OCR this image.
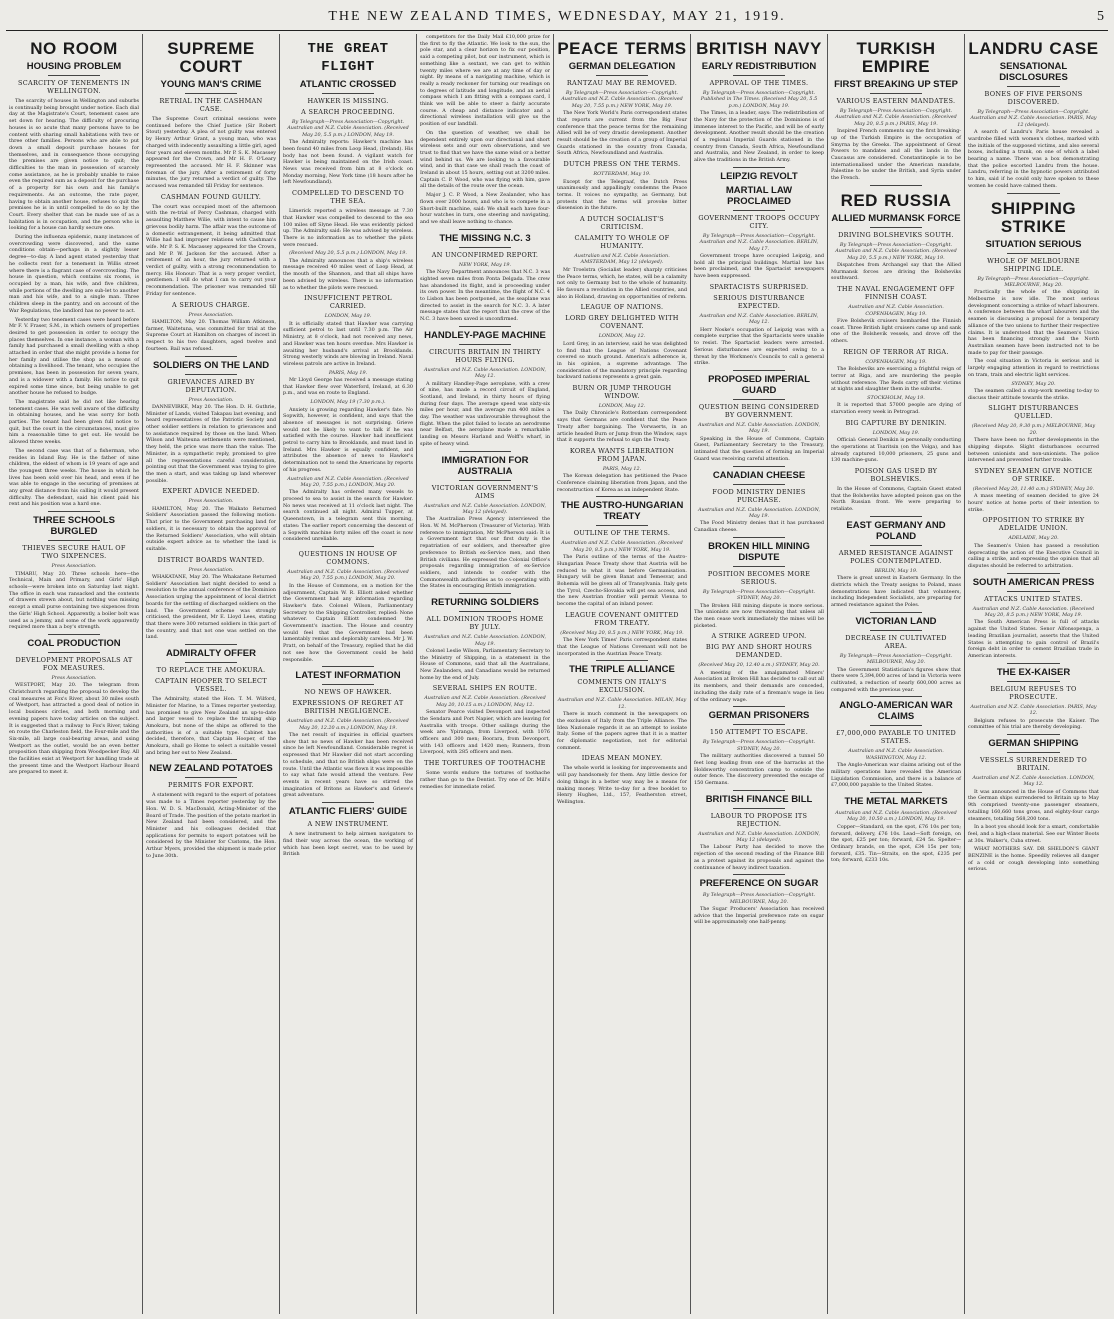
THE NEW ZEALAND TIMES, WEDNESDAY, MAY 21, 1919.	5
NO ROOM
HOUSING PROBLEM
SCARCITY OF TENEMENTS IN WELLINGTON.

The scarcity of houses in Wellington and suburbs is continually being brought under notice. Each dial day at the Magistrate's Court, tenement cases are set down for hearing. The difficulty of procuring houses is so acute that many persons have to be content with sharing small habitations with two or three other families. Persons who are able to put down a small deposit purchase houses for themselves, and in consequence those occupying the premises are given notice to quit; the difficulties to the man in possession of scarcely come assistance, as he is probably unable to raise even the required sum as a deposit for the purchase of a property for his own and his family's requirements. As an outcome, the rate payer, having to obtain another house, refuses to quit the premises he is in until compelled to do so by the Court. Every shelter that can be made use of as a habitation is in occupation, and the person who is looking for a house can hardly secure one.

During the influenza epidemic, many instances of overcrowding were discovered, and the same conditions obtain—perhaps in a slightly lesser degree—to-day. A land agent stated yesterday that he collects rent for a tenement in Willis street where there is a flagrant case of overcrowding. The house in question, which contains six rooms, is occupied by a man, his wife, and five children, while portions of the dwelling are sub-let to another man and his wife, and to a single man. Three children sleep in the pantry, and on account of the War Regulations, the landlord has no power to act.

Yesterday two tenement cases were heard before Mr F. V. Fraser, S.M., in which owners of properties desired to get possession in order to occupy the places themselves. In one instance, a woman with a family had purchased a small dwelling with a shop attached in order that she might provide a home for her family and utilise the shop as a means of obtaining a livelihood. The tenant, who occupies the premises, has been in possession for seven years, and is a widower with a family. His notice to quit expired some time since, but being unable to get another house he refused to budge.

The magistrate said he did not like hearing tenement cases. He was well aware of the difficulty in obtaining houses, and he was sorry for both parties. The tenant had been given full notice to quit, but the court in the circumstances, must give him a reasonable time to get out. He would be allowed three weeks.

The second case was that of a fisherman, who resides in Island Bay. He is the father of nine children, the eldest of whom is 19 years of age and the youngest three weeks. The house in which he lives has been sold over his head, and even if he was able to engage in the securing of premises at any great distance from his calling it would present difficulty. The defendant, said his client paid his rent and his position was a hard one.

THREE SCHOOLS BURGLED
THIEVES SECURE HAUL OF TWO SIXPENCES.
Press Association.

TIMARU, May 20. Three schools here—the Technical, Main and Primary, and Girls' High schools—were broken into on Saturday last night. The office in each was ransacked and the contents of drawers strewn about, but nothing was missing except a small purse containing two sixpences from the Girls' High School. Apparently, a boiler bolt was used as a jemmy, and some of the work apparently required more than a boy's strength.

COAL PRODUCTION
DEVELOPMENT PROPOSALS AT FOX MEASURES.
Press Association.

WESTPORT, May 20. The telegram from Christchurch regarding the proposal to develop the coal measures at Fox's River, about 30 miles south of Westport, has attracted a good deal of notice in local business circles, and both morning and evening papers have today articles on the subject. It is suggested that a railway to Fox's River, taking en route the Charleston field, the Four-mile and the Six-mile, all large coal-bearing areas, and using Westport as the outlet, would be an even better proposition than shipping from Woodpecker Bay. All the facilities exist at Westport for handling trade at the present time and the Westport Harbour Board are prepared to meet it.

SUPREME COURT
YOUNG MAN'S CRIME
RETRIAL IN THE CASHMAN CASE.

The Supreme Court criminal sessions were continued before the Chief Justice (Sir Robert Stout) yesterday. A plea of not guilty was entered by Henry Arthur Grant, a young man, who was charged with indecently assaulting a little girl, aged four years and eleven months. Mr P. S. K. Macassey appeared for the Crown, and Mr H. F. O'Leary represented the accused. Mr H. F. Skinner was foreman of the jury. After a retirement of forty minutes, the jury returned a verdict of guilty. The accused was remanded till Friday for sentence.

CASHMAN FOUND GUILTY.

The court was occupied most of the afternoon with the re-trial of Percy Cashman, charged with assaulting Matthew Wilie, with intent to cause him grievous bodily harm. The affair was the outcome of a domestic estrangement, it being admitted that Willie had had improper relations with Cashman's wife. Mr P. S. K. Macassey appeared for the Crown, and Mr P. W. Jackson for the accused. After a retirement of an hour, the jury returned with a verdict of guilty, with a strong recommendation to mercy. His Honour: That is a very proper verdict, gentlemen. I will do what I can to carry out your recommendation. The prisoner was remanded till Friday for sentence.

A SERIOUS CHARGE.
Press Association.

HAMILTON, May 20. Thomas William Atkinson, farmer, Waitetuna, was committed for trial at the Supreme Court at Hamilton on charges of incest in respect to his two daughters, aged twelve and fourteen. Bail was refused.

SOLDIERS ON THE LAND
GRIEVANCES AIRED BY DEPUTATION.
Press Association.

DANNEVIRKE, May 20. The Hon. D. H. Guthrie, Minister of Lands, visited Takapau last evening, and heard representatives of the Patriotic Society and other soldier settlers in relation to grievances and to assistance required by those on the land. When Wilson and Waiteuna settlements were mentioned, they held, the price was more than the value. The Minister, in a sympathetic reply, promised to give all the representations careful consideration, pointing out that the Government was trying to give the men a start, and was taking up land wherever possible.

EXPERT ADVICE NEEDED.
Press Association.

HAMILTON, May 20. The Waikato Returned Soldiers' Association passed the following motion: That prior to the Government purchasing land for soldiers, it is necessary to obtain the approval of the Returned Soldiers' Association, who will obtain outside expert advice as to whether the land is suitable.

DISTRICT BOARDS WANTED.
Press Association.

WHAKATANE, May 20. The Whakatane Returned Soldiers' Association last night decided to send a resolution to the annual conference of the Dominion Association urging the appointment of local district boards for the settling of discharged soldiers on the land. The Government scheme was strongly criticised, the president, Mr E. Lloyd Lees, stating that there were 300 returned soldiers in this part of the country, and that not one was settled on the land.

ADMIRALTY OFFER
TO REPLACE THE AMOKURA.
CAPTAIN HOOPER TO SELECT VESSEL.

The Admiralty, stated the Hon. T. M. Wilford, Minister for Marine, to a Times reporter yesterday, has promised to give New Zealand an up-to-date and larger vessel to replace the training ship Amokura, but none of the ships as offered to the authorities is of a suitable type. Cabinet has decided, therefore, that Captain Hooper, of the Amokura, shall go Home to select a suitable vessel and bring her out to New Zealand.

NEW ZEALAND POTATOES
PERMITS FOR EXPORT.

A statement with regard to the export of potatoes was made to a Times reporter yesterday by the Hon. W. D. S. MacDonald, Acting-Minister of the Board of Trade. The position of the potato market in New Zealand had been considered, and the Minister and his colleagues decided that applications for permits to export potatoes will be considered by the Minister for Customs, the Hon. Arthur Myers, provided the shipment is made prior to June 30th.

THE GREAT FLIGHT
ATLANTIC CROSSED
HAWKER IS MISSING.
A SEARCH PROCEEDING.
By Telegraph—Press Association—Copyright. Australian and N.Z. Cable Association. (Received May 20, 5.5 p.m.) LONDON, May 19.

The Admiralty reports: Hawker's machine has been found 40 miles from Loop Head, (Ireland). His body has not been found. A vigilant watch for Hawker is being maintained on the Irish coast. News was received from him at 8 o'clock on Monday morning, New York time (18 hours after he left Newfoundland).

COMPELLED TO DESCEND TO THE SEA.

Limerick reported a wireless message at 7.30 that Hawker was compelled to descend to the sea 100 miles off Slyne Head. He was evidently picked up. The Admiralty said: He was advised by wireless. There is no information as to whether the pilots were rescued.

(Received May 20, 5.5 p.m.) LONDON, May 19.

The Admiralty announces that a ship's wireless message received 40 miles west of Loop Head, at the mouth of the Shannon, and that all ships have been advised by wireless. There is no information as to whether the pilots were rescued.

INSUFFICIENT PETROL CARRIED.
LONDON, May 19.

It is officially stated that Hawker was carrying sufficient petrol to last until 7.30 p.m. The Air Ministry, at 8 o'clock, had not received any news, and Hawker was ten hours overdue. Mrs Hawker is awaiting her husband's arrival at Brooklands. Strong westerly winds are blowing in Ireland. Naval wireless patrols are active in Ireland.

PARIS, May 19.

Mr Lloyd George has received a message stating that Hawker flew over Waterford, Ireland, at 6.30 p.m., and was en route to England.

LONDON, May 19 (7.30 p.m.).

Anxiety is growing regarding Hawker's fate. No Sopwith, however, is confident, and says that the absence of messages is not surprising. Grieve would not be likely to want to talk if he was satisfied with the course. Hawker had insufficient petrol to carry him to Brooklands, and must land in Ireland. Mrs Hawker is equally confident, and attributes the absence of news to Hawker's determination not to send the Americans by reports of his progress.

Australian and N.Z. Cable Association. (Received May 20, 7.55 p.m.) LONDON, May 20.

The Admiralty has ordered many vessels to proceed to sea to assist in the search for Hawker. No news was received at 11 o'clock last night. The search continued all night. Admiral Tupper, at Queenstown, in a telegram sent this morning, states: The earlier report concerning the descent of a Sopwith machine forty miles off the coast is now considered unreliable.

QUESTIONS IN HOUSE OF COMMONS.
Australian and N.Z. Cable Association. (Received May 20, 7.55 p.m.) LONDON, May 20.

In the House of Commons, on a motion for the adjournment, Captain W. R. Elliott asked whether the Government had any information regarding Hawker's fate. Colonel Wilson, Parliamentary Secretary to the Shipping Controller, replied: None whatever. Captain Elliott condemned the Government's inaction. The House and country would feel that the Government had been lamentably remiss and deplorably careless. Mr J. W. Pratt, on behalf of the Treasury, replied that he did not see how the Government could be held responsible.

LATEST INFORMATION
NO NEWS OF HAWKER.
EXPRESSIONS OF REGRET AT BRITISH NEGLIGENCE.
Australian and N.Z. Cable Association. (Received May 20, 12.20 a.m.) LONDON, May 19.

The net result of inquiries in official quarters show that no news of Hawker has been received since he left Newfoundland. Considerable regret is expressed that Mr Hawker did not start according to schedule, and that no British ships were on the route. Until the Atlantic was flown it was impossible to say what fate would attend the venture. Few events in recent years have so stirred the imagination of Britons as Hawker's and Grieve's great adventure.

ATLANTIC FLIERS' GUIDE
A NEW INSTRUMENT.

A new instrument to help airmen navigators to find their way across the ocean, the working of which has been kept secret, was to be used by British

competitors for the Daily Mail £10,000 prize for the first to fly the Atlantic. We look to the sun, the pole star, and a clear horizon to fix our position, said a competing pilot, but our instrument, which is something like a sextant, we can get to within twenty miles where we are at any time of day or night. By means of a navigating machine, which is really a ready reckoner for turning our readings on to degrees of latitude and longitude, and an aerial compass which I am fitting with a compass card, I think we will be able to steer a fairly accurate course. A cheap and distance indicator and a directional wireless installation will give us the position of our landfall.

On the question of weather, we shall be dependent entirely upon our directional and short wireless sets and our own observations, and we trust to find that we have the same wind or a better wind behind us. We are looking to a favourable wind, and in that case we shall reach the coast of Ireland in about 15 hours, setting out at 3200 miles. Captain C. P. Wood, who was flying with him, gave all the details of the route over the ocean.

Major J. C. P. Wood, a New Zealander, who has flown over 2000 hours, and who is to compete in a Short-built machine, said: We shall each have four-hour watches in turn, one steering and navigating, and we shall leave nothing to chance.

THE MISSING N.C. 3
AN UNCONFIRMED REPORT.
NEW YORK, May 19.

The Navy Department announces that N.C. 3 was sighted seven miles from Ponta Delgada. The crew has abandoned its flight, and is proceeding under its own power. In the meantime, the flight of N.C. 4 to Lisbon has been postponed, as the seaplane was directed to assist in the search for N.C. 3. A later message states that the report that the crew of the N.C. 3 have been saved is unconfirmed.

HANDLEY-PAGE MACHINE
CIRCUITS BRITAIN IN THIRTY HOURS FLYING.
Australian and N.Z. Cable Association. LONDON, May 12.

A military Handley-Page aeroplane, with a crew of nine, has made a record circuit of England, Scotland, and Ireland, in thirty hours of flying during four days. The average speed was sixty-six miles per hour, and the average run 400 miles a day. The weather was unfavourable throughout the flight. When the pilot failed to locate an aerodrome near Belfast, the aeroplane made a remarkable landing on Messrs Harland and Wolff's wharf, in spite of heavy wind.

IMMIGRATION FOR AUSTRALIA
VICTORIAN GOVERNMENT'S AIMS
Australian and N.Z. Cable Association. LONDON, May 12 (delayed).

The Australian Press Agency interviewed the Hon. W. M. McPherson (Treasurer of Victoria). With reference to immigration, Mr McPherson said: It is a Government fact that our first duty is the repatriation of our soldiers, and thereafter give preference to British ex-Service men, and then British civilians. He expressed the Colonial Office's proposals regarding immigration of ex-Service soldiers, and intends to confer with the Commonwealth authorities as to co-operating with the States in encouraging British immigration.

RETURNING SOLDIERS
ALL DOMINION TROOPS HOME BY JULY.
Australian and N.Z. Cable Association. LONDON, May 19.

Colonel Leslie Wilson, Parliamentary Secretary to the Ministry of Shipping, in a statement in the House of Commons, said that all the Australians, New Zealanders, and Canadians would be returned home by the end of July.

SEVERAL SHIPS EN ROUTE.
Australian and N.Z. Cable Association. (Received May 20, 10.15 a.m.) LONDON, May 12.

Senator Pearce visited Devonport and inspected the Sendara and Port Napier, which are leaving for Australia with troops. Other sailings during the week are: Ypiranga, from Liverpool, with 1076 officers and 300 men; Boorara, from Devonport, with 143 officers and 1420 men; Runnera, from Liverpool, with 285 officers and men.

THE TORTURES OF TOOTHACHE

Some words endure the tortures of toothache rather than go to the Dentist. Try one of Dr. Mill's remedies for immediate relief.

PEACE TERMS
GERMAN DELEGATION
RANTZAU MAY BE REMOVED.
By Telegraph—Press Association—Copyright. Australian and N.Z. Cable Association. (Received May 20, 7.55 p.m.) NEW YORK, May 19.

The New York World's Paris correspondent states that reports are current from the Big Four conference that the peace terms for the remaining Allied will be of very drastic development. Another result should be the creation of a group of Imperial Guards stationed in the country from Canada, South Africa, Newfoundland and Australia.

DUTCH PRESS ON THE TERMS.
ROTTERDAM, May 19.

Except for the Telegraaf, the Dutch Press unanimously and appallingly condemns the Peace terms. It voices no sympathy, as Germany, but protests that the terms will provoke bitter dissension in the future.

A DUTCH SOCIALIST'S CRITICISM.
CALAMITY TO WHOLE OF HUMANITY.
Australian and N.Z. Cable Association. AMSTERDAM, May 12 (delayed).

Mr Troelstra (Socialist leader) sharply criticises the Peace terms, which, he states, will be a calamity not only to Germany but to the whole of humanity. He favours a revolution in the Allied countries, and also in Holland, drawing on opportunities of reform.

LEAGUE OF NATIONS.
LORD GREY DELIGHTED WITH COVENANT.
LONDON, May 12.

Lord Grey, in an interview, said he was delighted to find that the League of Nations Covenant covered so much ground. America's adherence is, in his opinion, a supreme advantage. The consideration of the mandatory principle regarding backward nations represents a great gain.

BURN OR JUMP THROUGH WINDOW.
LONDON, May 12.

The Daily Chronicle's Rotterdam correspondent says that Germans are confident that the Peace Treaty after bargaining. The Vorwaerts, in an article headed Burn or Jump from the Window, says that it supports the refusal to sign the Treaty.

KOREA WANTS LIBERATION FROM JAPAN.
PARIS, May 12.

The Korean delegation has petitioned the Peace Conference claiming liberation from Japan, and the reconstruction of Korea as an independent State.

THE AUSTRO-HUNGARIAN TREATY
OUTLINE OF THE TERMS.
Australian and N.Z. Cable Association. (Received May 20, 8.5 p.m.) NEW YORK, May 19.

The Paris outline of the terms of the Austro-Hungarian Peace Treaty show that Austria will be reduced to what it was before Germanisation. Hungary will be given Banat and Temesvar, and Bohemia will be given all of Transylvania. Italy gets the Tyrol, Czecho-Slovakia will get sea access, and the new Austrian frontier will permit Vienna to become the capital of an inland power.

LEAGUE COVENANT OMITTED FROM TREATY.
(Received May 20, 8.5 p.m.) NEW YORK, May 19.

The New York Times' Paris correspondent states that the League of Nations Covenant will not be incorporated in the Austrian Peace Treaty.

THE TRIPLE ALLIANCE
COMMENTS ON ITALY'S EXCLUSION.
Australian and N.Z. Cable Association. MILAN, May 12.

There is much comment in the newspapers on the exclusion of Italy from the Triple Alliance. The Idea Nazionale regards it as an attempt to isolate Italy. Some of the papers agree that it is a matter for diplomatic negotiation, not for editorial comment.

IDEAS MEAN MONEY.

The whole world is looking for improvements and will pay handsomely for them. Any little device for doing things in a better way may be a means for making money. Write to-day for a free booklet to Henry Hughes, Ltd., 157, Featherston street, Wellington.

BRITISH NAVY
EARLY REDISTRIBUTION
APPROVAL OF THE TIMES.
By Telegraph—Press Association—Copyright. Published in The Times. (Received May 20, 5.5 p.m.) LONDON, May 19.

The Times, in a leader, says: The redistribution of the Navy for the protection of the Dominions is of immense interest to the Pacific, and will be of early development. Another result should be the creation of a regional Imperial Guards stationed in the country from Canada, South Africa, Newfoundland and Australia, and New Zealand, in order to keep alive the traditions in the British Army.

LEIPZIG REVOLT
MARTIAL LAW PROCLAIMED
GOVERNMENT TROOPS OCCUPY CITY.
By Telegraph—Press Association—Copyright. Australian and N.Z. Cable Association. BERLIN, May 17.

Government troops have occupied Leipzig, and hold all the principal buildings. Martial law has been proclaimed, and the Spartacist newspapers have been suppressed.

SPARTACISTS SURPRISED.
SERIOUS DISTURBANCE EXPECTED.
Australian and N.Z. Cable Association. BERLIN, May 12.

Herr Noske's occupation of Leipzig was with a complete surprise that the Spartacists were unable to resist. The Spartacist leaders were arrested. Serious disturbances are expected owing to a threat by the Workmen's Councils to call a general strike.

PROPOSED IMPERIAL GUARD
QUESTION BEING CONSIDERED BY GOVERNMENT.
Australian and N.Z. Cable Association. LONDON, May 19.

Speaking in the House of Commons, Captain Guest, Parliamentary Secretary to the Treasury, intimated that the question of forming an Imperial Guard was receiving careful attention.

CANADIAN CHEESE
FOOD MINISTRY DENIES PURCHASE.
Australian and N.Z. Cable Association. LONDON, May 19.

The Food Ministry denies that it has purchased Canadian cheese.

BROKEN HILL MINING DISPUTE
POSITION BECOMES MORE SERIOUS.
By Telegraph—Press Association—Copyright. SYDNEY, May 20.

The Broken Hill mining dispute is more serious. The unionists are now threatening that unless all the men cease work immediately the mines will be picketed.

A STRIKE AGREED UPON.
BIG PAY AND SHORT HOURS DEMANDED.
(Received May 20, 12.40 a.m.) SYDNEY, May 20.

A meeting of the amalgamated Miners' Association at Broken Hill has decided to call out all its members, and their demands are conceded, including the daily rate of a fireman's wage in lieu of the ordinary wage.

GERMAN PRISONERS
150 ATTEMPT TO ESCAPE.
By Telegraph—Press Association—Copyright. SYDNEY, May 20.

The military authorities discovered a tunnel 50 feet long leading from one of the barracks at the Holdsworthy concentration camp to outside the outer fence. The discovery prevented the escape of 150 Germans.

BRITISH FINANCE BILL
LABOUR TO PROPOSE ITS REJECTION.
Australian and N.Z. Cable Association. LONDON, May 12 (delayed).

The Labour Party has decided to move the rejection of the second reading of the Finance Bill as a protest against its proposals and against the continuance of heavy indirect taxation.

PREFERENCE ON SUGAR
By Telegraph—Press Association—Copyright. MELBOURNE, May 20.

The Sugar Producers' Association has received advice that the Imperial preference rate on sugar will be approximately one half-penny.

TURKISH EMPIRE
FIRST BREAKING UP STEP
VARIOUS EASTERN MANDATES.
By Telegraph—Press Association—Copyright. Australian and N.Z. Cable Association. (Received May 20, 8.5 p.m.) PARIS, May 19.

Inspired French comments say the first breaking-up of the Turkish Empire is the occupation of Smyrna by the Greeks. The appointment of Great Powers to mandates and all the lands in the Caucasus are considered. Constantinople is to be internationalised under the American mandate, Palestine to be under the British, and Syria under the French.

RED RUSSIA
ALLIED MURMANSK FORCE
DRIVING BOLSHEVIKS SOUTH.
By Telegraph—Press Association—Copyright. Australian and N.Z. Cable Association. (Received May 20, 5.5 p.m.) NEW YORK, May 19.

Dispatches from Archangel say that the Allied Murmansk forces are driving the Bolsheviks southward.

THE NAVAL ENGAGEMENT OFF FINNISH COAST.
Australian and N.Z. Cable Association. COPENHAGEN, May 19.

Five Bolshevik cruisers bombarded the Finnish coast. Three British light cruisers came up and sank one of the Bolshevik vessels, and drove off the others.

REIGN OF TERROR AT RIGA.
COPENHAGEN, May 19.

The Bolsheviks are exercising a frightful reign of terror at Riga, and are murdering the people without reference. The Reds carry off their victims at nights and slaughter them in the suburbs.

STOCKHOLM, May 19.

It is reported that 57000 people are dying of starvation every week in Petrograd.

BIG CAPTURE BY DENIKIN.
LONDON, May 19.

Official: General Denikin is personally conducting the operations at Tsaritsin (on the Volga), and has already captured 10,000 prisoners, 25 guns and 130 machine-guns.

POISON GAS USED BY BOLSHEVIKS.

In the House of Commons, Captain Guest stated that the Bolsheviks have adopted poison gas on the North Russian front. We were preparing to retaliate.

EAST GERMANY AND POLAND
ARMED RESISTANCE AGAINST POLES CONTEMPLATED.
BERLIN, May 19.

There is great unrest in Eastern Germany. In the districts which the Treaty assigns to Poland, mass demonstrations have indicated that volunteers, including Independent Socialists, are preparing for armed resistance against the Poles.

VICTORIAN LAND
DECREASE IN CULTIVATED AREA.
By Telegraph—Press Association—Copyright. MELBOURNE, May 20.

The Government Statistician's figures show that there were 5,394,000 acres of land in Victoria were cultivated, a reduction of nearly 600,000 acres as compared with the previous year.

ANGLO-AMERICAN WAR CLAIMS
£7,000,000 PAYABLE TO UNITED STATES.
Australian and N.Z. Cable Association. WASHINGTON, May 12.

The Anglo-American war claims arising out of the military operations have revealed the American Liquidation Commission, and there is a balance of £7,000,000 payable to the United States.

THE METAL MARKETS
Australian and N.Z. Cable Association. (Received May 20, 10.50 a.m.) LONDON, May 19.

Copper—Standard, on the spot, £76 10s per ton; forward, delivery, £76 10s. Lead—Soft foreign, on the spot, £25 per ton; forward, £24 5s. Spelter—Ordinary brands, on the spot, £34 15s per ton; forward, £35. Tin—Straits, on the spot, £235 per ton; forward, £233 10s.

LANDRU CASE
SENSATIONAL DISCLOSURES
BONES OF FIVE PERSONS DISCOVERED.
By Telegraph—Press Association—Copyright. Australian and N.Z. Cable Association. PARIS, May 12 (delayed).

A search of Landru's Paris house revealed a wardrobe filled with women's clothes, marked with the initials of the supposed victims, and also several boxes, including a trunk, on one of which a label bearing a name. There was a box demonstrating that the police escorted Landru from the house. Landru, referring in the hypnotic powers attributed to him, said if he could only have spoken to these women he could have calmed them.

SHIPPING STRIKE
SITUATION SERIOUS
WHOLE OF MELBOURNE SHIPPING IDLE.
By Telegraph—Press Association—Copyright. MELBOURNE, May 20.

Practically the whole of the shipping in Melbourne is now idle. The most serious development concerning a strike of wharf labourers. A conference between the wharf labourers and the seamen is discussing a proposal for a temporary alliance of the two unions to further their respective claims. It is understood that the Seamen's Union has been financing strongly and the North Australian seamen have been instructed not to be made to pay for their passage.

The coal situation in Victoria is serious and is largely engaging attention in regard to restrictions on tram, train and electric light services.

SYDNEY, May 20.

The seamen called a stop-work meeting to-day to discuss their attitude towards the strike.

SLIGHT DISTURBANCES QUELLED.
(Received May 20, 9.30 p.m.) MELBOURNE, May 20.

There have been no further developments in the shipping dispute. Slight disturbances occurred between unionists and non-unionists. The police intervened and prevented further trouble.

SYDNEY SEAMEN GIVE NOTICE OF STRIKE.
(Received May 20, 11.40 a.m.) SYDNEY, May 20.

A mass meeting of seamen decided to give 24 hours' notice at home ports of their intention to strike.

OPPOSITION TO STRIKE BY ADELAIDE UNION.
ADELAIDE, May 20.

The Seamen's Union has passed a resolution deprecating the action of the Executive Council in calling a strike, and expressing the opinion that all disputes should be referred to arbitration.

SOUTH AMERICAN PRESS
ATTACKS UNITED STATES.
Australian and N.Z. Cable Association. (Received May 20, 8.5 p.m.) NEW YORK, May 19.

The South American Press is full of attacks against the United States. Senor Alfonsopenga, a leading Brazilian journalist, asserts that the United States is attempting to gain control of Brazil's foreign debt in order to cement Brazilian trade in American interests.

THE EX-KAISER
BELGIUM REFUSES TO PROSECUTE.
Australian and N.Z. Cable Association. PARIS, May 12.

Belgium refuses to prosecute the Kaiser. The committee of his trial are thereby developing.

GERMAN SHIPPING
VESSELS SURRENDERED TO BRITAIN.
Australian and N.Z. Cable Association. LONDON, May 12.

It was announced in the House of Commons that the German ships surrendered to Britain up to May 9th comprised twenty-one passenger steamers, totalling 160,660 tons gross, and eighty-four cargo steamers, totalling 568,200 tons.

In a boot you should look for a smart, comfortable feel, and a high-class material. See our Winter Boots at 30s. Walker's, Cuba street.

WHAT MOTHERS SAY. DR SHELDON'S GIANT BENZINE is the home. Speedily relieves all danger of a cold or cough developing into something serious.
